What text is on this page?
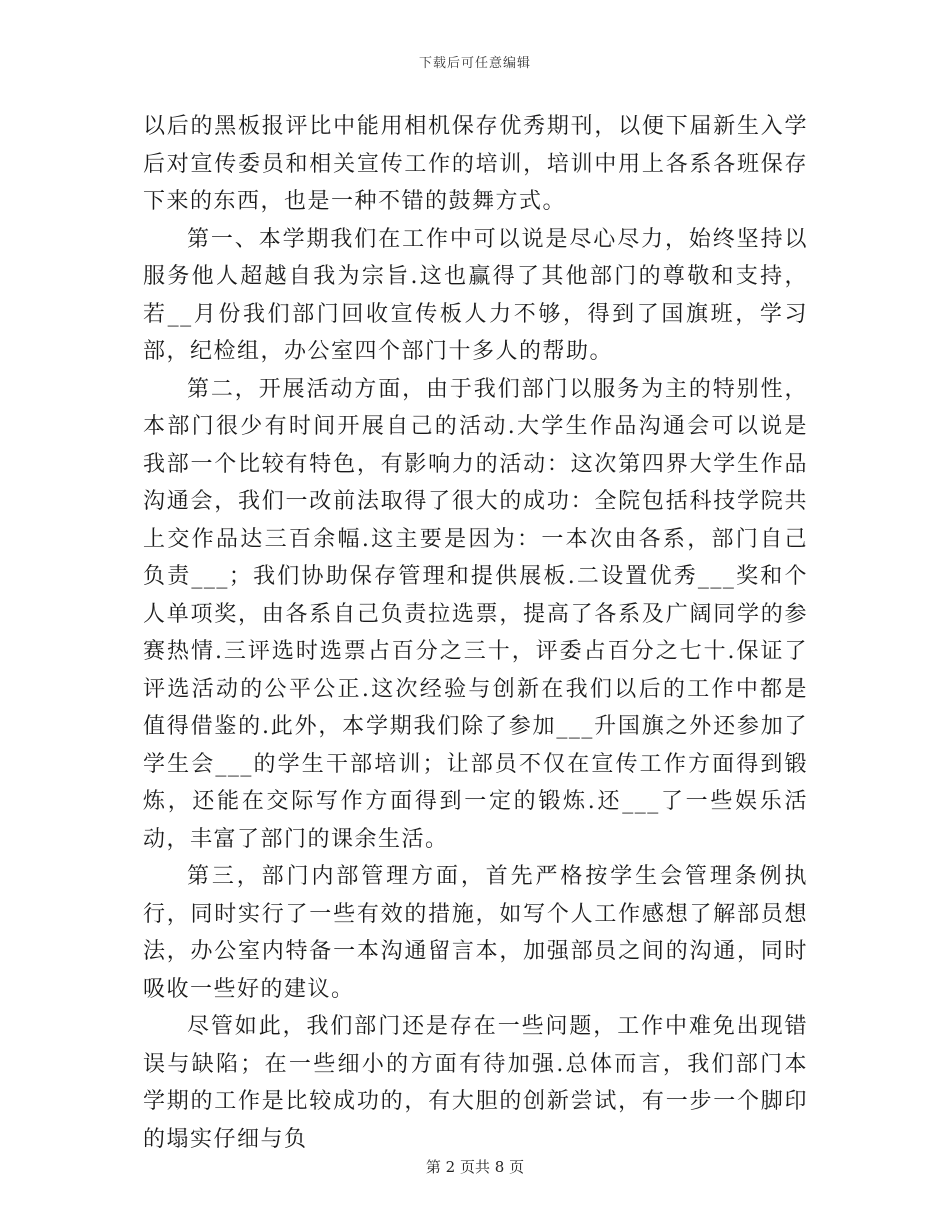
下载后可任意编辑

以后的黑板报评比中能用相机保存优秀期刊，以便下届新生入学后对宣传委员和相关宣传工作的培训，培训中用上各系各班保存下来的东西，也是一种不错的鼓舞方式。

第一、本学期我们在工作中可以说是尽心尽力，始终坚持以服务他人超越自我为宗旨.这也赢得了其他部门的尊敬和支持，若__月份我们部门回收宣传板人力不够，得到了国旗班，学习部，纪检组，办公室四个部门十多人的帮助。

第二，开展活动方面，由于我们部门以服务为主的特别性，本部门很少有时间开展自己的活动.大学生作品沟通会可以说是我部一个比较有特色，有影响力的活动：这次第四界大学生作品沟通会，我们一改前法取得了很大的成功：全院包括科技学院共上交作品达三百余幅.这主要是因为：一本次由各系，部门自己负责___；我们协助保存管理和提供展板.二设置优秀___奖和个人单项奖，由各系自己负责拉选票，提高了各系及广阔同学的参赛热情.三评选时选票占百分之三十，评委占百分之七十.保证了评选活动的公平公正.这次经验与创新在我们以后的工作中都是值得借鉴的.此外，本学期我们除了参加___升国旗之外还参加了学生会___的学生干部培训；让部员不仅在宣传工作方面得到锻炼，还能在交际写作方面得到一定的锻炼.还___了一些娱乐活动，丰富了部门的课余生活。

第三，部门内部管理方面，首先严格按学生会管理条例执行，同时实行了一些有效的措施，如写个人工作感想了解部员想法，办公室内特备一本沟通留言本，加强部员之间的沟通，同时吸收一些好的建议。

尽管如此，我们部门还是存在一些问题，工作中难免出现错误与缺陷；在一些细小的方面有待加强.总体而言，我们部门本学期的工作是比较成功的，有大胆的创新尝试，有一步一个脚印的塌实仔细与负

第 2 页共 8 页
